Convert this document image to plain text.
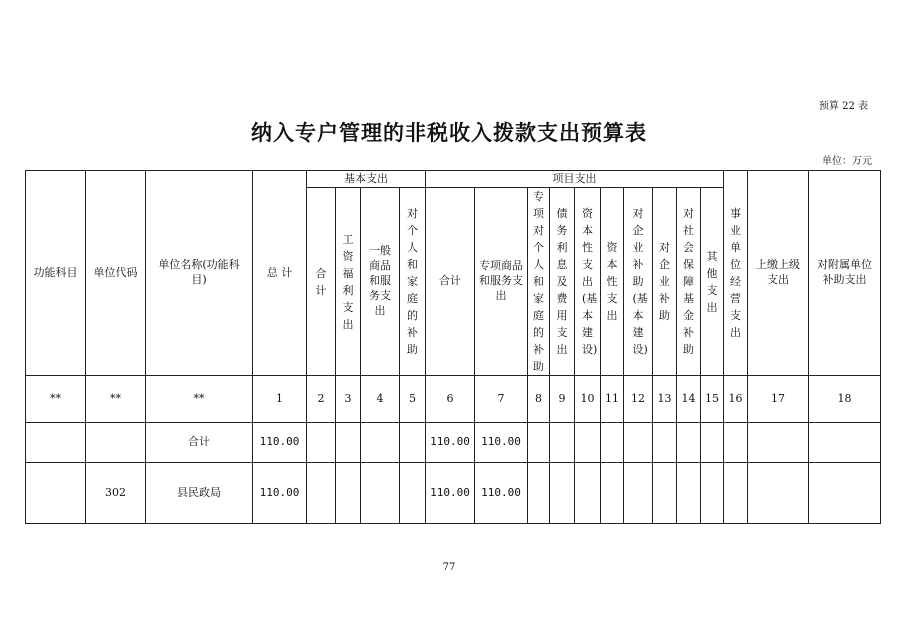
预算 22 表
纳入专户管理的非税收入拨款支出预算表
单位：万元
功能科目	单位代码	单位名称(功能科目)	总 计	基本支出				项目支出										事业单位经营支出	上缴上级支出	对附属单位补助支出
				合计	工资福利支出	一般商品和服务支出	对个人和家庭的补助	合计	专项商品和服务支出	专项对个人和家庭的补助	债务利息及费用支出	资本性支出(基本建设)	资本性支出	对企业补助(基本建设)	对企业补助	对社会保障基金补助	其他支出			
**	**	**	1	2	3	4	5	6	7	8	9	10	11	12	13	14	15	16	17	18
		合计	110.00					110.00	110.00											
	302	县民政局	110.00					110.00	110.00											
77
